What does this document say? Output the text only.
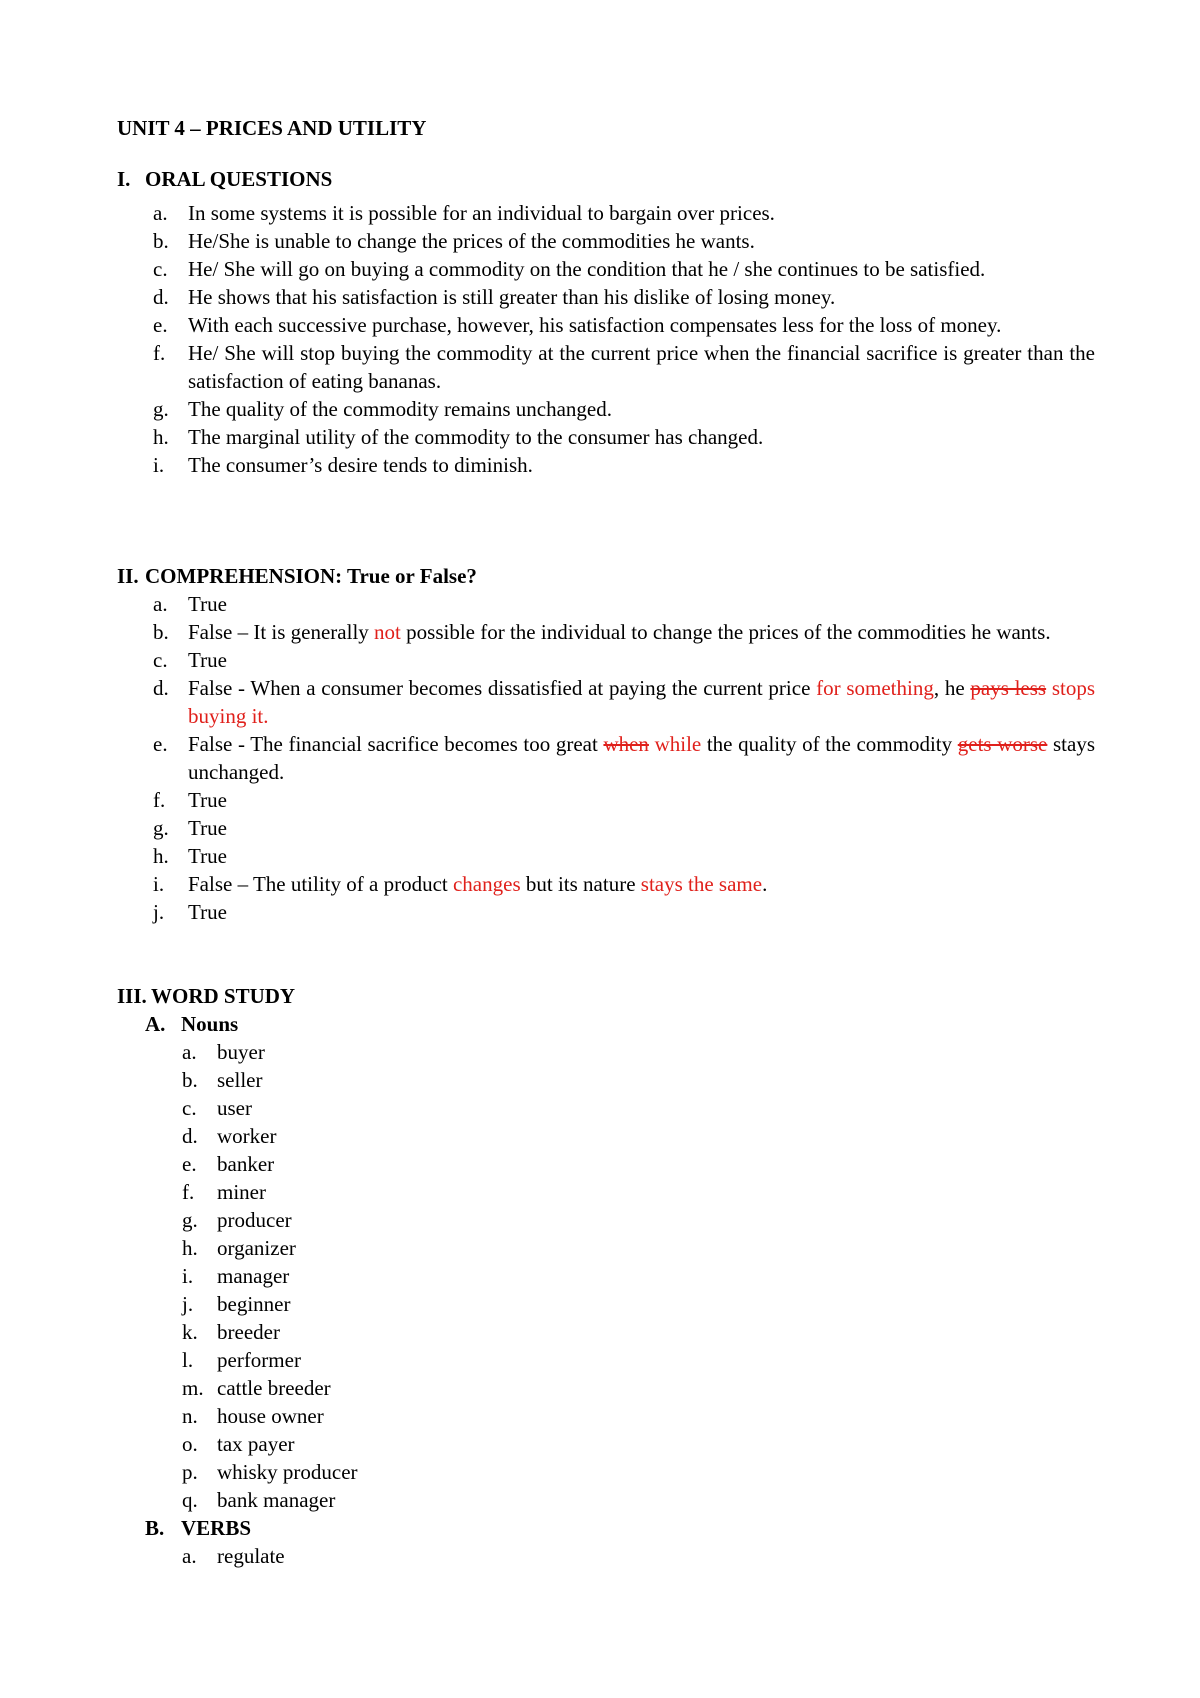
UNIT 4 – PRICES AND UTILITY
I. ORAL QUESTIONS
a. In some systems it is possible for an individual to bargain over prices.
b. He/She is unable to change the prices of the commodities he wants.
c. He/ She will go on buying a commodity on the condition that he / she continues to be satisfied.
d. He shows that his satisfaction is still greater than his dislike of losing money.
e. With each successive purchase, however, his satisfaction compensates less for the loss of money.
f. He/ She will stop buying the commodity at the current price when the financial sacrifice is greater than the satisfaction of eating bananas.
g. The quality of the commodity remains unchanged.
h. The marginal utility of the commodity to the consumer has changed.
i. The consumer’s desire tends to diminish.
II. COMPREHENSION: True or False?
a. True
b. False – It is generally not possible for the individual to change the prices of the commodities he wants.
c. True
d. False - When a consumer becomes dissatisfied at paying the current price for something, he pays less stops buying it.
e. False - The financial sacrifice becomes too great when while the quality of the commodity gets worse stays unchanged.
f. True
g. True
h. True
i. False – The utility of a product changes but its nature stays the same.
j. True
III. WORD STUDY
A. Nouns
a. buyer
b. seller
c. user
d. worker
e. banker
f. miner
g. producer
h. organizer
i. manager
j. beginner
k. breeder
l. performer
m. cattle breeder
n. house owner
o. tax payer
p. whisky producer
q. bank manager
B. VERBS
a. regulate
